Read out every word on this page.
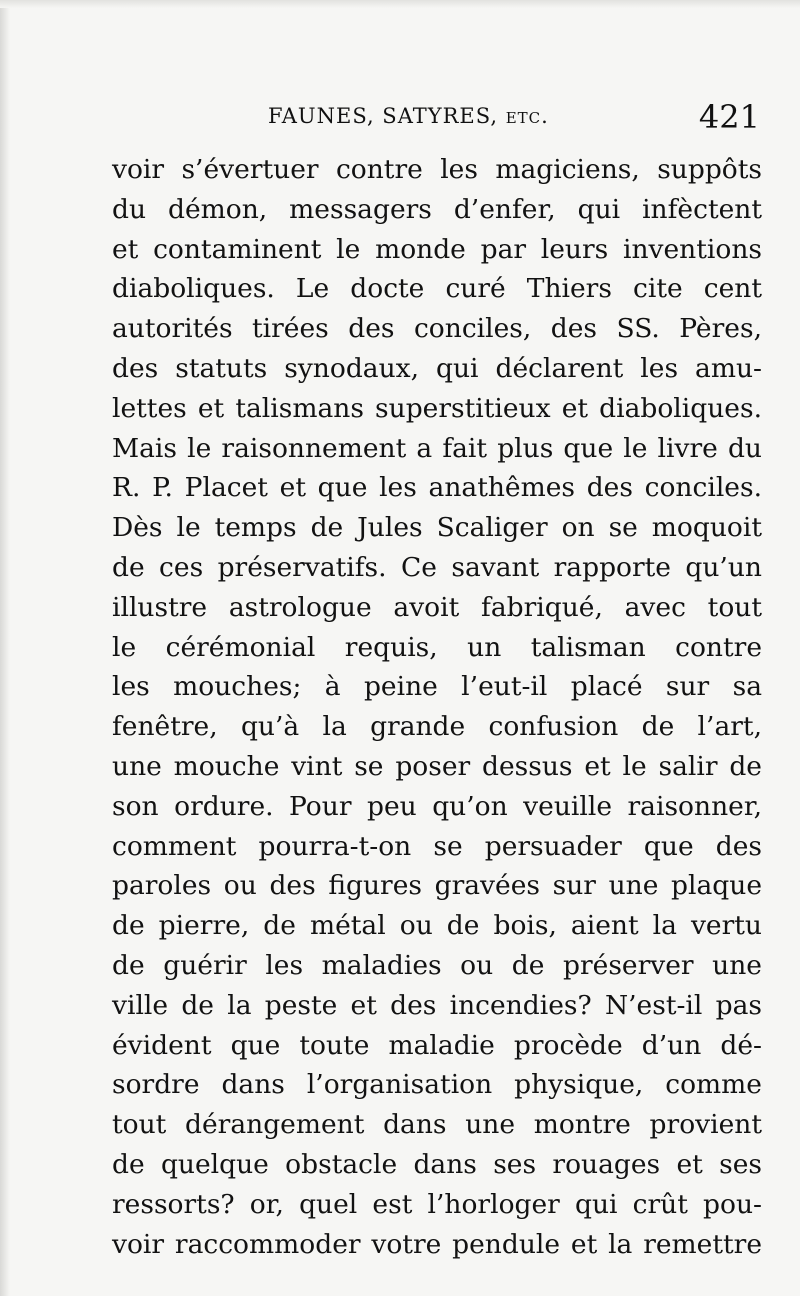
FAUNES, SATYRES, etc.	421
voir s’évertuer contre les magiciens, suppôts
du démon, messagers d’enfer, qui infèctent
et contaminent le monde par leurs inventions
diaboliques. Le docte curé Thiers cite cent
autorités tirées des conciles, des SS. Pères,
des statuts synodaux, qui déclarent les amu-
lettes et talismans superstitieux et diaboliques.
Mais le raisonnement a fait plus que le livre du
R. P. Placet et que les anathêmes des conciles.
Dès le temps de Jules Scaliger on se moquoit
de ces préservatifs. Ce savant rapporte qu’un
illustre astrologue avoit fabriqué, avec tout
le cérémonial requis, un talisman contre
les mouches; à peine l’eut-il placé sur sa
fenêtre, qu’à la grande confusion de l’art,
une mouche vint se poser dessus et le salir de
son ordure. Pour peu qu’on veuille raisonner,
comment pourra-t-on se persuader que des
paroles ou des figures gravées sur une plaque
de pierre, de métal ou de bois, aient la vertu
de guérir les maladies ou de préserver une
ville de la peste et des incendies? N’est-il pas
évident que toute maladie procède d’un dé-
sordre dans l’organisation physique, comme
tout dérangement dans une montre provient
de quelque obstacle dans ses rouages et ses
ressorts? or, quel est l’horloger qui crût pou-
voir raccommoder votre pendule et la remettre
